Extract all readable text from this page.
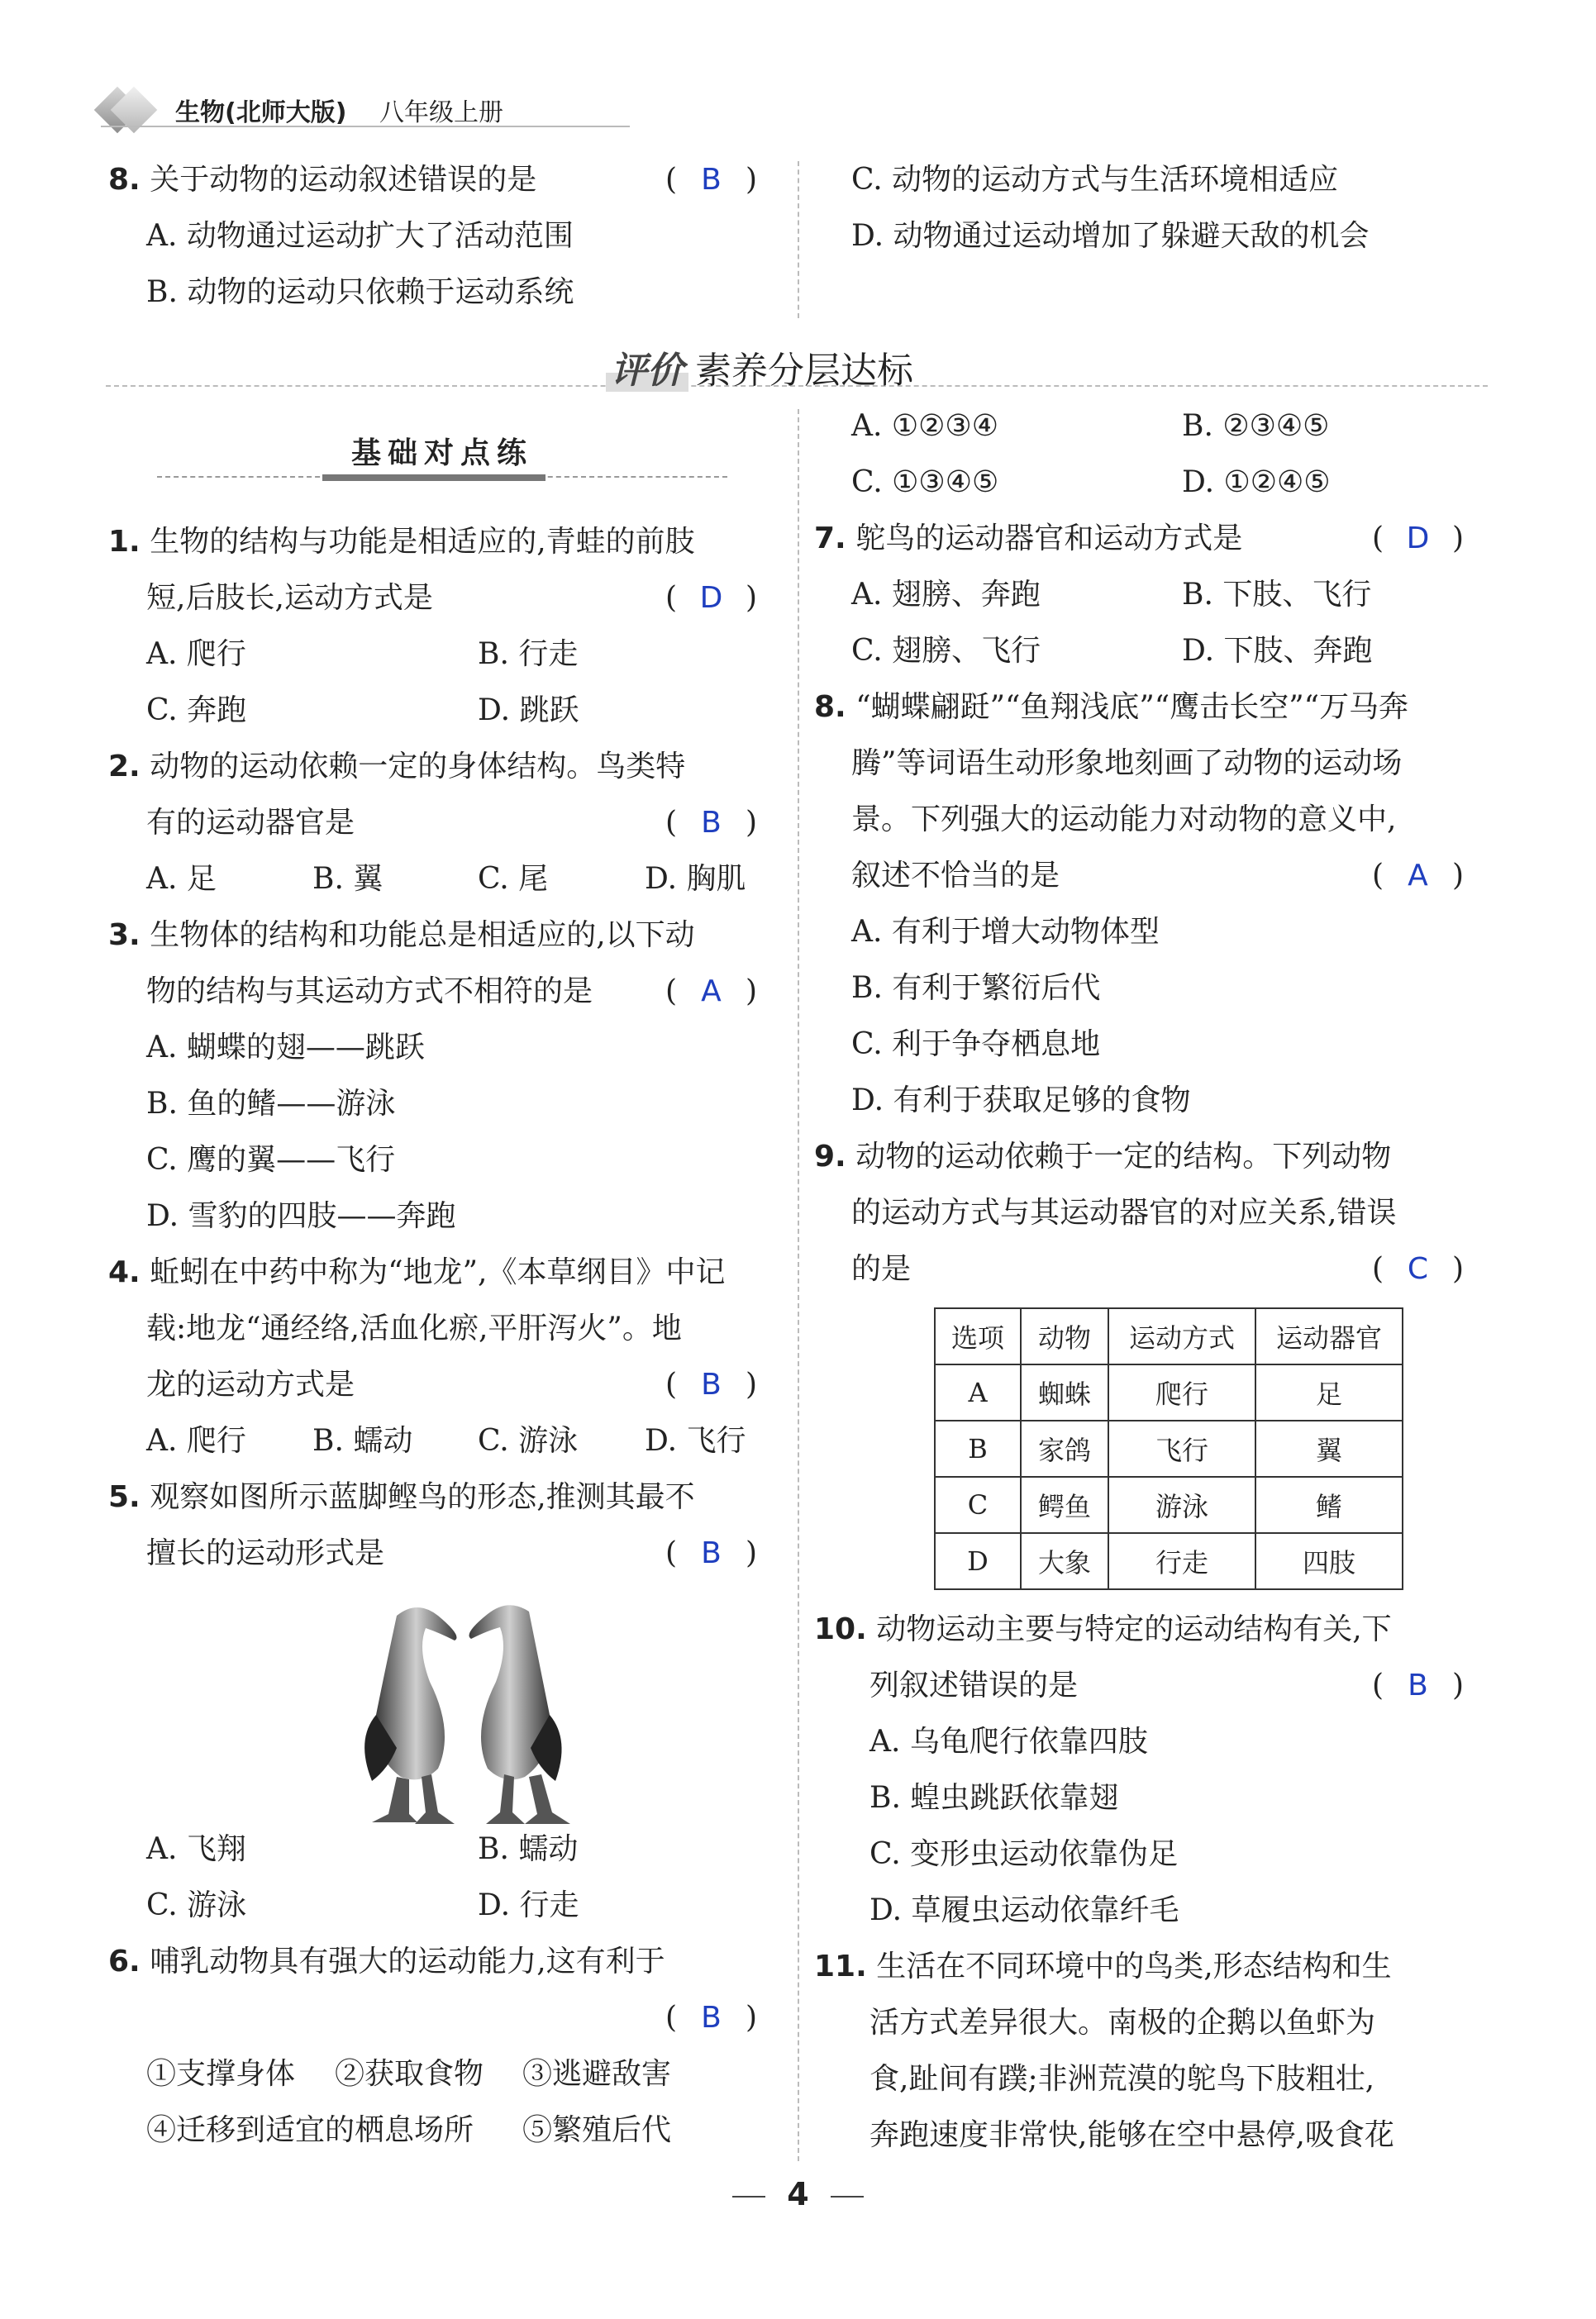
生物(北师大版) 八年级上册
8. 关于动物的运动叙述错误的是	( B )
A. 动物通过运动扩大了活动范围
B. 动物的运动只依赖于运动系统
C. 动物的运动方式与生活环境相适应
D. 动物通过运动增加了躲避天敌的机会
评价 素养分层达标
基础对点练
1. 生物的结构与功能是相适应的,青蛙的前肢
短,后肢长,运动方式是	( D )
A. 爬行	B. 行走
C. 奔跑	D. 跳跃
2. 动物的运动依赖一定的身体结构。鸟类特
有的运动器官是	( B )
A. 足	B. 翼	C. 尾	D. 胸肌
3. 生物体的结构和功能总是相适应的,以下动
物的结构与其运动方式不相符的是 ( A )
A. 蝴蝶的翅——跳跃
B. 鱼的鳍——游泳
C. 鹰的翼——飞行
D. 雪豹的四肢——奔跑
4. 蚯蚓在中药中称为“地龙”,《本草纲目》中记
载:地龙“通经络,活血化瘀,平肝泻火”。地
龙的运动方式是	( B )
A. 爬行 B. 蠕动 C. 游泳 D. 飞行
5. 观察如图所示蓝脚鲣鸟的形态,推测其最不
擅长的运动形式是	( B )
A. 飞翔	B. 蠕动
C. 游泳	D. 行走
6. 哺乳动物具有强大的运动能力,这有利于
( B )
①支撑身体 ②获取食物 ③逃避敌害
④迁移到适宜的栖息场所 ⑤繁殖后代
A. ①②③④	B. ②③④⑤
C. ①③④⑤	D. ①②④⑤
7. 鸵鸟的运动器官和运动方式是	( D )
A. 翅膀、奔跑	B. 下肢、飞行
C. 翅膀、飞行	D. 下肢、奔跑
8. “蝴蝶翩跹”“鱼翔浅底”“鹰击长空”“万马奔
腾”等词语生动形象地刻画了动物的运动场
景。下列强大的运动能力对动物的意义中,
叙述不恰当的是	( A )
A. 有利于增大动物体型
B. 有利于繁衍后代
C. 利于争夺栖息地
D. 有利于获取足够的食物
9. 动物的运动依赖于一定的结构。下列动物
的运动方式与其运动器官的对应关系,错误
的是	( C )
选项	动物	运动方式	运动器官
A	蜘蛛	爬行	足
B	家鸽	飞行	翼
C	鳄鱼	游泳	鳍
D	大象	行走	四肢
10. 动物运动主要与特定的运动结构有关,下
列叙述错误的是	( B )
A. 乌龟爬行依靠四肢
B. 蝗虫跳跃依靠翅
C. 变形虫运动依靠伪足
D. 草履虫运动依靠纤毛
11. 生活在不同环境中的鸟类,形态结构和生
活方式差异很大。南极的企鹅以鱼虾为
食,趾间有蹼;非洲荒漠的鸵鸟下肢粗壮,
奔跑速度非常快,能够在空中悬停,吸食花
4
